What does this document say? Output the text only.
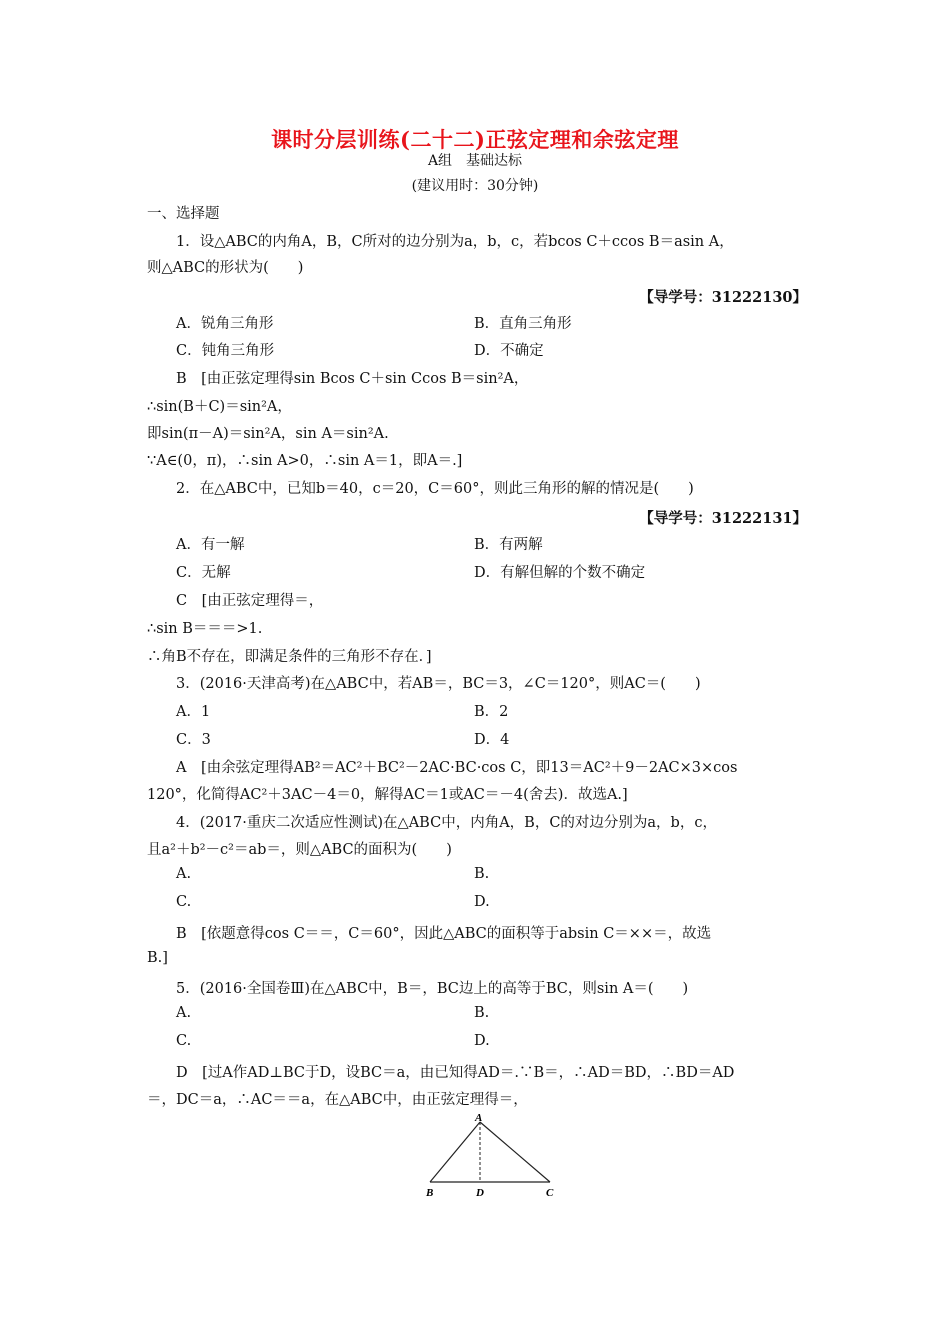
课时分层训练(二十二)正弦定理和余弦定理
A组　基础达标
(建议用时：30分钟)
一、选择题
1．设△ABC的内角A，B，C所对的边分别为a，b，c，若bcos C＋ccos B＝asin A，
则△ABC的形状为(　　)
【导学号：31222130】
A．锐角三角形	B．直角三角形
C．钝角三角形	D．不确定
B　[由正弦定理得sin Bcos C＋sin Ccos B＝sin²A，
∴sin(B＋C)＝sin²A，
即sin(π－A)＝sin²A，sin A＝sin²A.
∵A∈(0，π)，∴sin A>0，∴sin A＝1，即A＝.]
2．在△ABC中，已知b＝40，c＝20，C＝60°，则此三角形的解的情况是(　　)
【导学号：31222131】
A．有一解	B．有两解
C．无解	D．有解但解的个数不确定
C　[由正弦定理得＝，
∴sin B＝＝＝>1.
∴角B不存在，即满足条件的三角形不存在．]
3．(2016·天津高考)在△ABC中，若AB＝，BC＝3，∠C＝120°，则AC＝(　　)
A．1	B．2
C．3	D．4
A　[由余弦定理得AB²＝AC²＋BC²－2AC·BC·cos C，即13＝AC²＋9－2AC×3×cos
120°，化简得AC²＋3AC－4＝0，解得AC＝1或AC＝－4(舍去)．故选A.]
4．(2017·重庆二次适应性测试)在△ABC中，内角A，B，C的对边分别为a，b，c，
且a²＋b²－c²＝ab＝，则△ABC的面积为(　　)
A.	B.
C.	D.
B　[依题意得cos C＝＝，C＝60°，因此△ABC的面积等于absin C＝××＝，故选
B.]
5．(2016·全国卷Ⅲ)在△ABC中，B＝，BC边上的高等于BC，则sin A＝(　　)
A.	B.
C.	D.
D　[过A作AD⊥BC于D，设BC＝a，由已知得AD＝.∵B＝，∴AD＝BD，∴BD＝AD
＝，DC＝a，∴AC＝＝a，在△ABC中，由正弦定理得＝，
A
B	D	C
